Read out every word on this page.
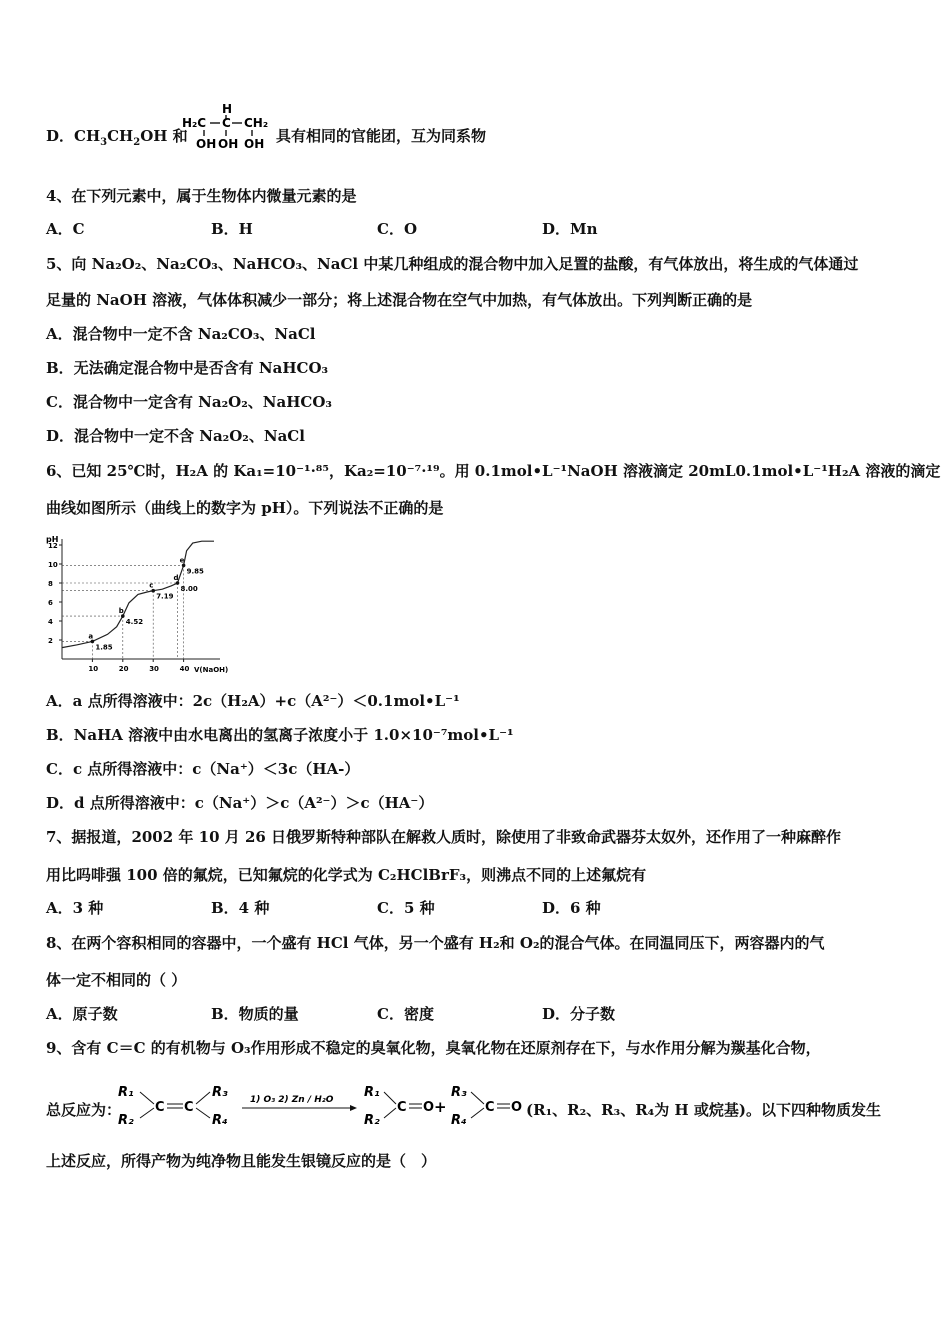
D．$CH_3CH_2OH$ 和
H
H₂C C CH₂
OH OH OH 具有相同的官能团，互为同系物
4、在下列元素中，属于生物体内微量元素的是
A．C	B．H	C．O	D．Mn
5、向 Na₂O₂、Na₂CO₃、NaHCO₃、NaCl 中某几种组成的混合物中加入足置的盐酸，有气体放出，将生成的气体通过
足量的 NaOH 溶液，气体体积减少一部分；将上述混合物在空气中加热，有气体放出。下列判断正确的是
A．混合物中一定不含 Na₂CO₃、NaCl
B．无法确定混合物中是否含有 NaHCO₃
C．混合物中一定含有 Na₂O₂、NaHCO₃
D．混合物中一定不含 Na₂O₂、NaCl
6、已知 25℃时，H₂A 的 Ka₁=10⁻¹·⁸⁵，Ka₂=10⁻⁷·¹⁹。用 0.1mol•L⁻¹NaOH 溶液滴定 20mL0.1mol•L⁻¹H₂A 溶液的滴定
曲线如图所示（曲线上的数字为 pH）。下列说法不正确的是
2
4
6
8
10
12
10	20	30	40
a
1.85
b
4.52
c
7.19
d
8.00
e
9.85
pH
V(NaOH)
A．a 点所得溶液中：2c（H₂A）+c（A²⁻）＜0.1mol•L⁻¹
B．NaHA 溶液中由水电离出的氢离子浓度小于 1.0×10⁻⁷mol•L⁻¹
C．c 点所得溶液中：c（Na⁺）＜3c（HA-）
D．d 点所得溶液中：c（Na⁺）＞c（A²⁻）＞c（HA⁻）
7、据报道，2002 年 10 月 26 日俄罗斯特种部队在解救人质时，除使用了非致命武器芬太奴外，还作用了一种麻醉作
用比吗啡强 100 倍的氟烷，已知氟烷的化学式为 C₂HClBrF₃，则沸点不同的上述氟烷有
A．3 种	B．4 种	C．5 种	D．6 种
8、在两个容积相同的容器中，一个盛有 HCl 气体，另一个盛有 H₂和 O₂的混合气体。在同温同压下，两容器内的气
体一定不相同的（ ）
A．原子数	B．物质的量	C．密度	D．分子数
9、含有 C＝C 的有机物与 O₃作用形成不稳定的臭氧化物，臭氧化物在还原剂存在下，与水作用分解为羰基化合物，
总反应为：
R₁
R₂
C C
R₃
R₄
1) O₃ 2) Zn / H₂O R₁
R₂
C O +
R₃
R₄
C O (R₁、R₂、R₃、R₄为 H 或烷基)。以下四种物质发生
上述反应，所得产物为纯净物且能发生银镜反应的是（　）
